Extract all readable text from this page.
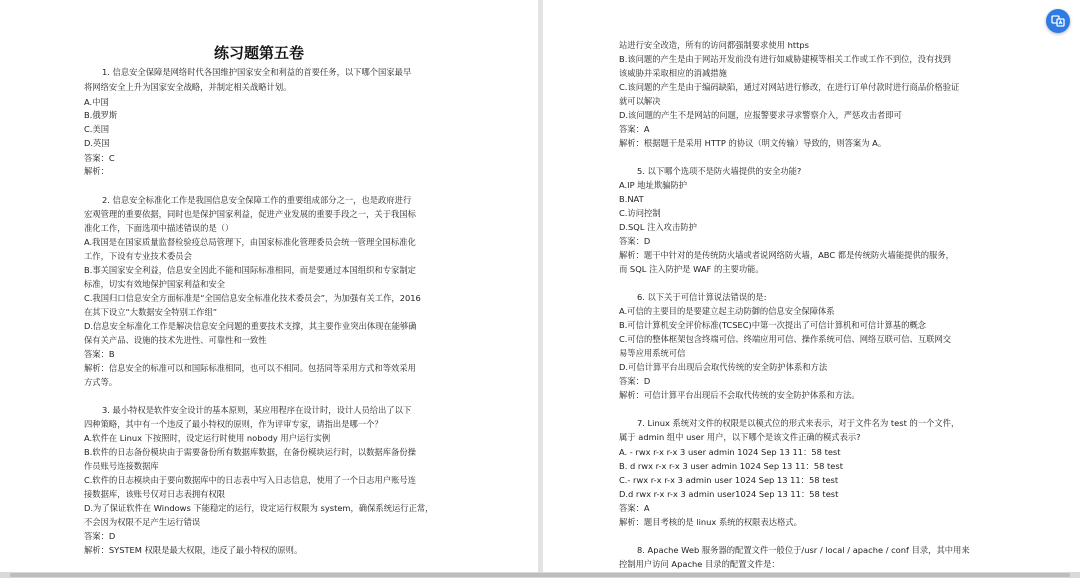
练习题第五卷
1. 信息安全保障是网络时代各国维护国家安全和利益的首要任务，以下哪个国家最早
将网络安全上升为国家安全战略，并制定相关战略计划。
A.中国
B.俄罗斯
C.美国
D.英国
答案：C
解析：
2. 信息安全标准化工作是我国信息安全保障工作的重要组成部分之一，也是政府进行
宏观管理的重要依据，同时也是保护国家利益，促进产业发展的重要手段之一，关于我国标
准化工作，下面选项中描述错误的是（）
A.我国是在国家质量监督检验疫总局管理下，由国家标准化管理委员会统一管理全国标准化
工作，下设有专业技术委员会
B.事关国家安全利益，信息安全因此不能和国际标准相同，而是要通过本国组织和专家制定
标准，切实有效地保护国家利益和安全
C.我国归口信息安全方面标准是“全国信息安全标准化技术委员会”，为加强有关工作，2016
在其下设立“大数据安全特别工作组”
D.信息安全标准化工作是解决信息安全问题的重要技术支撑，其主要作业突出体现在能够确
保有关产品、设施的技术先进性、可靠性和一致性
答案：B
解析：信息安全的标准可以和国际标准相同，也可以不相同。包括同等采用方式和等效采用
方式等。
3. 最小特权是软件安全设计的基本原则，某应用程序在设计时，设计人员给出了以下
四种策略，其中有一个违反了最小特权的原则，作为评审专家，请指出是哪一个？
A.软件在 Linux 下按照时，设定运行时使用 nobody 用户运行实例
B.软件的日志备份模块由于需要备份所有数据库数据，在备份模块运行时，以数据库备份操
作员账号连接数据库
C.软件的日志模块由于要向数据库中的日志表中写入日志信息，使用了一个日志用户账号连
接数据库，该账号仅对日志表拥有权限
D.为了保证软件在 Windows 下能稳定的运行，设定运行权限为 system，确保系统运行正常，
不会因为权限不足产生运行错误
答案：D
解析：SYSTEM 权限是最大权限，违反了最小特权的原则。
站进行安全改造，所有的访问都强制要求使用 https
B.该问题的产生是由于网站开发前没有进行如威胁建模等相关工作或工作不到位，没有找到
该威胁并采取相应的消减措施
C.该问题的产生是由于编码缺陷，通过对网站进行修改，在进行订单付款时进行商品价格验证
就可以解决
D.该问题的产生不是网站的问题，应报警要求寻求警察介入，严惩攻击者即可
答案：A
解析：根据题干是采用 HTTP 的协议（明文传输）导致的，则答案为 A。
5. 以下哪个选项不是防火墙提供的安全功能?
A.IP 地址欺骗防护
B.NAT
C.访问控制
D.SQL 注入攻击防护
答案：D
解析：题干中针对的是传统防火墙或者说网络防火墙，ABC 都是传统防火墙能提供的服务，
而 SQL 注入防护是 WAF 的主要功能。
6. 以下关于可信计算说法错误的是:
A.可信的主要目的是要建立起主动防御的信息安全保障体系
B.可信计算机安全评价标准(TCSEC)中第一次提出了可信计算机和可信计算基的概念
C.可信的整体框架包含终端可信、终端应用可信、操作系统可信、网络互联可信、互联网交
易等应用系统可信
D.可信计算平台出现后会取代传统的安全防护体系和方法
答案：D
解析：可信计算平台出现后不会取代传统的安全防护体系和方法。
7. Linux 系统对文件的权限是以模式位的形式来表示，对于文件名为 test 的一个文件，
属于 admin 组中 user 用户，以下哪个是该文件正确的模式表示?
A. - rwx r-x r-x 3 user admin 1024 Sep 13 11：58 test
B. d rwx r-x r-x 3 user admin 1024 Sep 13 11：58 test
C.- rwx r-x r-x 3 admin user 1024 Sep 13 11：58 test
D.d rwx r-x r-x 3 admin user1024 Sep 13 11：58 test
答案：A
解析：题目考核的是 linux 系统的权限表达格式。
8. Apache Web 服务器的配置文件一般位于/usr / local / apache / conf 目录，其中用来
控制用户访问 Apache 目录的配置文件是：
